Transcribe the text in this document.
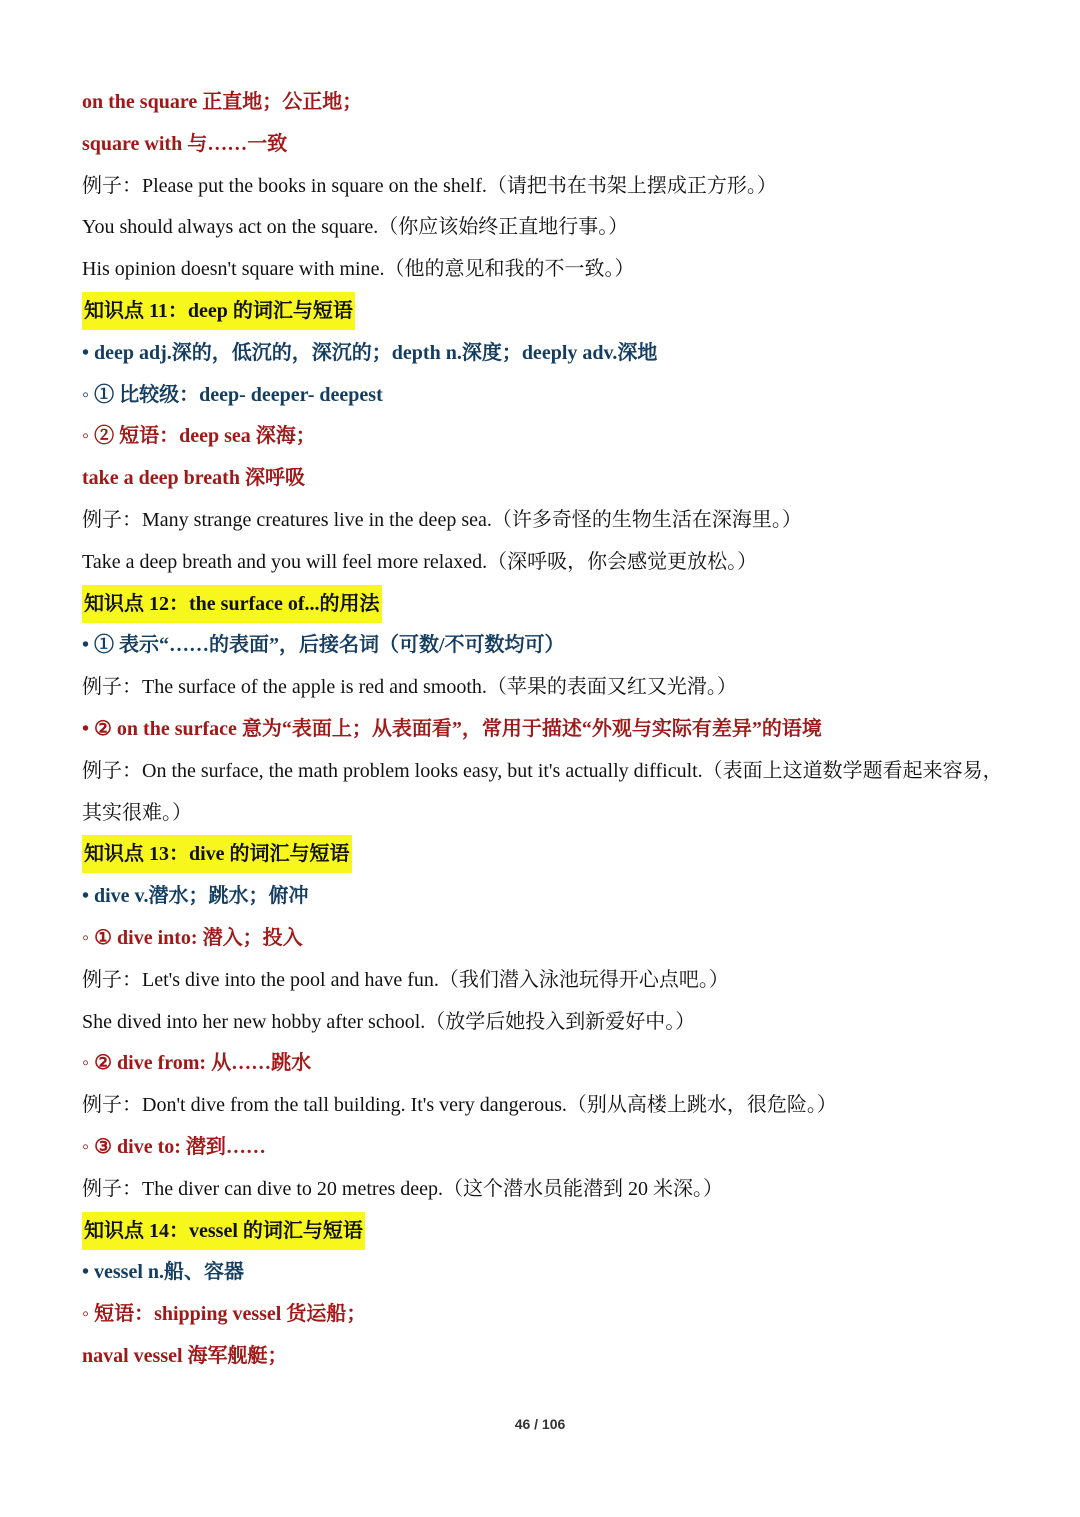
on the square 正直地；公正地；
square with 与……一致
例子：Please put the books in square on the shelf.（请把书在书架上摆成正方形。）
You should always act on the square.（你应该始终正直地行事。）
His opinion doesn't square with mine.（他的意见和我的不一致。）
知识点 11：deep 的词汇与短语
• deep adj.深的，低沉的，深沉的；depth n.深度；deeply adv.深地
◦ ① 比较级：deep- deeper- deepest
◦ ② 短语：deep sea 深海；
take a deep breath 深呼吸
例子：Many strange creatures live in the deep sea.（许多奇怪的生物生活在深海里。）
Take a deep breath and you will feel more relaxed.（深呼吸，你会感觉更放松。）
知识点 12：the surface of...的用法
• ① 表示“……的表面”，后接名词（可数/不可数均可）
例子：The surface of the apple is red and smooth.（苹果的表面又红又光滑。）
• ② on the surface 意为“表面上；从表面看”，常用于描述“外观与实际有差异”的语境
例子：On the surface, the math problem looks easy, but it's actually difficult.（表面上这道数学题看起来容易，其实很难。）
知识点 13：dive 的词汇与短语
• dive v.潜水；跳水；俯冲
◦ ① dive into: 潜入；投入
例子：Let's dive into the pool and have fun.（我们潜入泳池玩得开心点吧。）
She dived into her new hobby after school.（放学后她投入到新爱好中。）
◦ ② dive from: 从……跳水
例子：Don't dive from the tall building. It's very dangerous.（别从高楼上跳水，很危险。）
◦ ③ dive to: 潜到……
例子：The diver can dive to 20 metres deep.（这个潜水员能潜到 20 米深。）
知识点 14：vessel 的词汇与短语
• vessel n.船、容器
◦ 短语：shipping vessel 货运船；
naval vessel 海军舰艇；
46 / 106
